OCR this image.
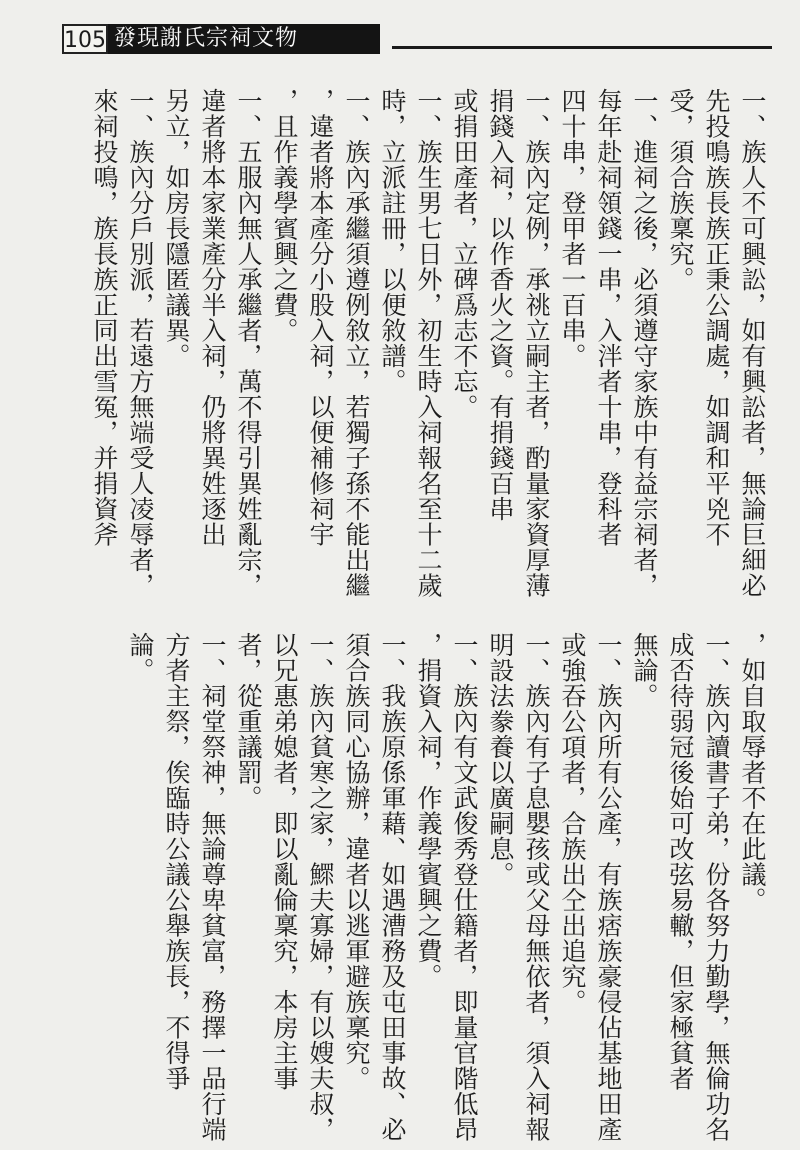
105 發現謝氏宗祠文物
一、族人不可興訟，如有興訟者，無論巨細必
先投鳴族長族正秉公調處，如調和平兇不
受，須合族稟究。
一、進祠之後，必須遵守家族中有益宗祠者，
每年赴祠領錢一串，入泮者十串，登科者
四十串，登甲者一百串。
一、族內定例，承祧立嗣主者，酌量家資厚薄
捐錢入祠，以作香火之資。有捐錢百串
或捐田產者，立碑爲志不忘。
一、族生男七日外，初生時入祠報名至十二歲
時，立派註冊，以便敘譜。
一、族內承繼須遵例敘立，若獨子孫不能出繼
，違者將本產分小股入祠，以便補修祠宇
，且作義學賓興之費。
一、五服內無人承繼者，萬不得引異姓亂宗，
違者將本家業產分半入祠，仍將異姓逐出
另立，如房長隱匿議異。
一、族內分戶別派，若遠方無端受人凌辱者，
來祠投鳴，族長族正同出雪冤，并捐資斧
，如自取辱者不在此議。
一、族內讀書子弟，份各努力勤學，無倫功名
成否待弱冠後始可改弦易轍，但家極貧者
無論。
一、族內所有公產，有族痞族豪侵佔基地田產
或強吞公項者，合族出仝出追究。
一、族內有子息嬰孩或父母無依者，須入祠報
明設法豢養以廣嗣息。
一、族內有文武俊秀登仕籍者，即量官階低昂
，捐資入祠，作義學賓興之費。
一、我族原係軍藉、如遇漕務及屯田事故、必
須合族同心協辦，違者以逃軍避族稟究。
一、族內貧寒之家，鰥夫寡婦，有以嫂夫叔，
以兄惠弟媳者，即以亂倫稟究，本房主事
者，從重議罰。
一、祠堂祭神，無論尊卑貧富，務擇一品行端
方者主祭，俟臨時公議公舉族長，不得爭
論。
